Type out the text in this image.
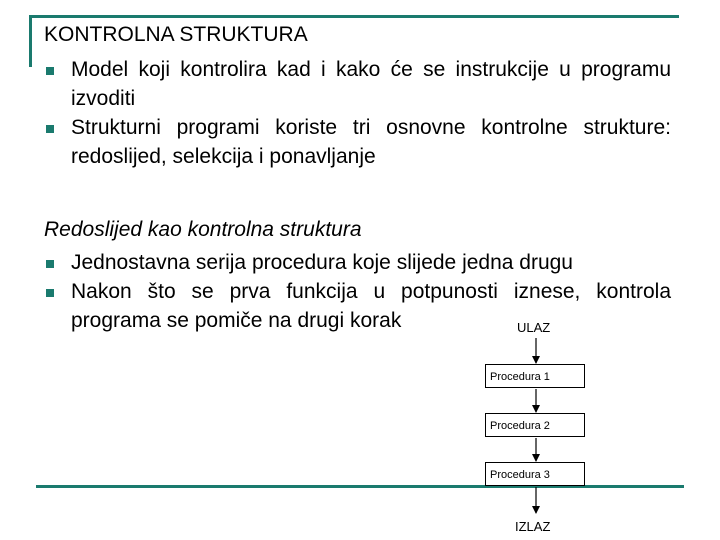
KONTROLNA STRUKTURA
Model koji kontrolira kad i kako će se instrukcije u programu izvoditi
Strukturni programi koriste tri osnovne kontrolne strukture: redoslijed, selekcija i ponavljanje
Redoslijed kao kontrolna struktura
Jednostavna serija procedura koje slijede jedna drugu
Nakon što se prva funkcija u potpunosti iznese, kontrola programa se pomiče na drugi korak	ULAZ
Procedura 1
Procedura 2
Procedura 3
IZLAZ
